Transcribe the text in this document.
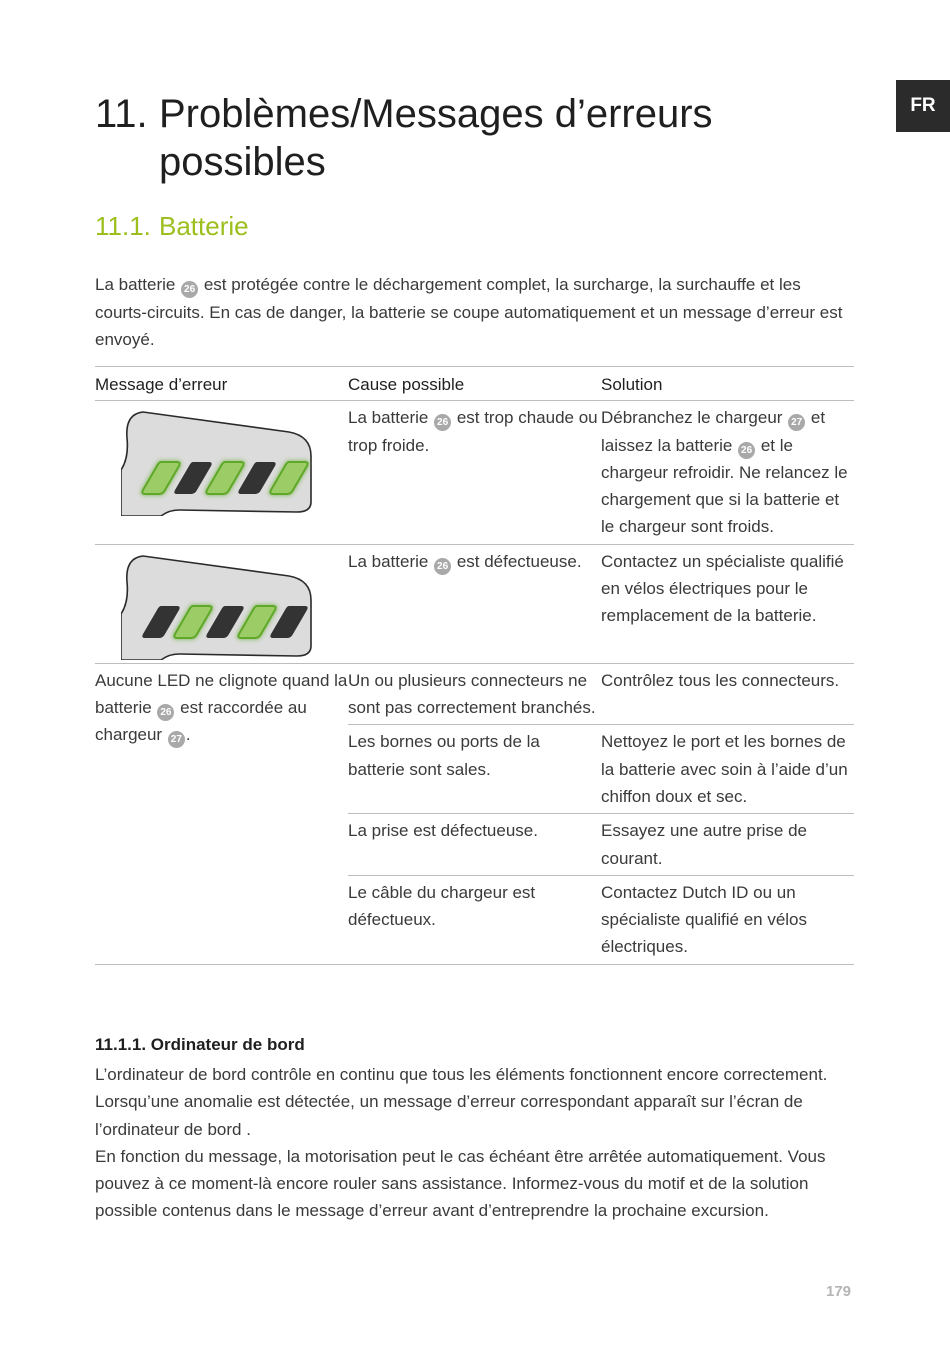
FR
11. Problèmes/Messages d’erreurs possibles
11.1. Batterie

La batterie 26 est protégée contre le déchargement complet, la surcharge, la surchauffe et les courts-circuits. En cas de danger, la batterie se coupe automatiquement et un message d’erreur est envoyé.

Message d’erreur	Cause possible	Solution

	La batterie 26 est trop chaude ou trop froide.	Débranchez le chargeur 27 et laissez la batterie 26 et le chargeur refroidir. Ne relancez le chargement que si la batterie et le chargeur sont froids.

	La batterie 26 est défectueuse.	Contactez un spécialiste qualifié en vélos électriques pour le remplacement de la batterie.
Aucune LED ne clignote quand la batterie 26 est raccordée au chargeur 27 .	Un ou plusieurs connecteurs ne sont pas correctement branchés.	Contrôlez tous les connecteurs.
	Les bornes ou ports de la batterie sont sales.	Nettoyez le port et les bornes de la batterie avec soin à l’aide d’un chiffon doux et sec.
	La prise est défectueuse.	Essayez une autre prise de courant.
	Le câble du chargeur est défectueux.	Contactez Dutch ID ou un spécialiste qualifié en vélos électriques.
11.1.1. Ordinateur de bord
L’ordinateur de bord contrôle en continu que tous les éléments fonctionnent encore correctement. Lorsqu’une anomalie est détectée, un message d’erreur correspondant apparaît sur l’écran de l’ordinateur de bord .
En fonction du message, la motorisation peut le cas échéant être arrêtée automatiquement. Vous pouvez à ce moment-là encore rouler sans assistance. Informez-vous du motif et de la solution possible contenus dans le message d’erreur avant d’entreprendre la prochaine excursion.
179
